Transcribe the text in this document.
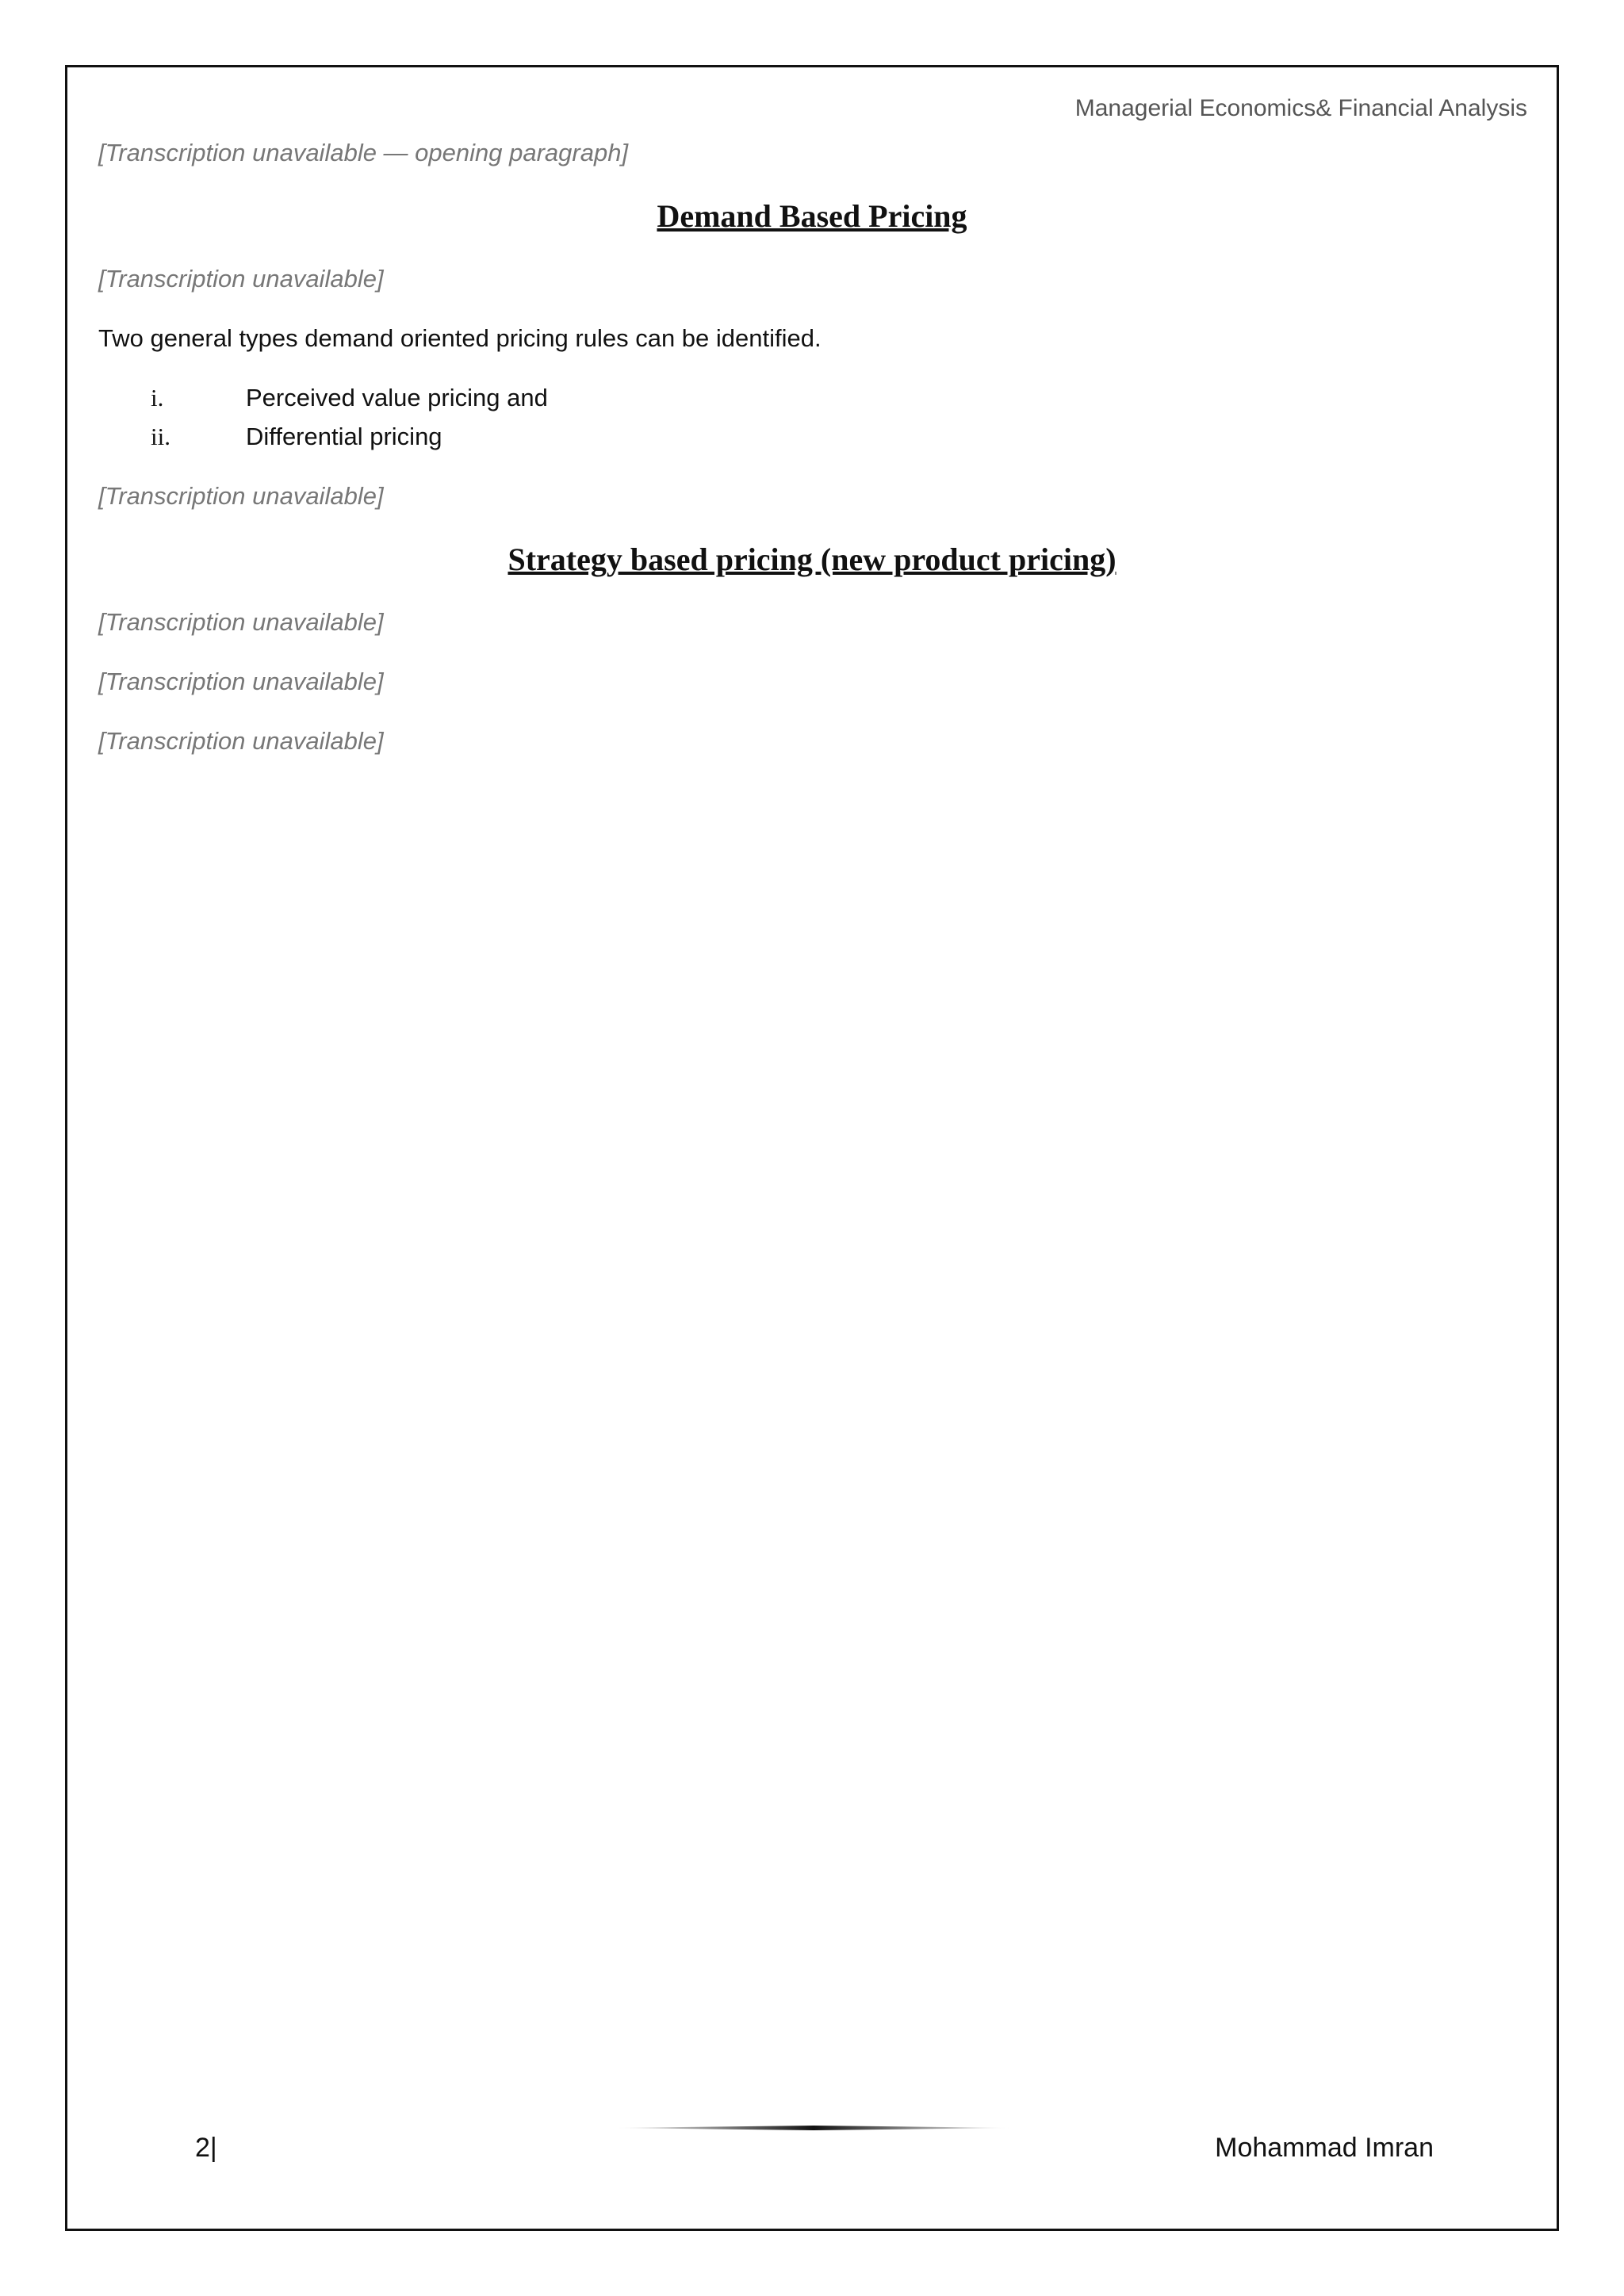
Managerial Economics& Financial Analysis

[Transcription unavailable — opening paragraph]

Demand Based Pricing

[Transcription unavailable]

Two general types demand oriented pricing rules can be identified.

i.	Perceived value pricing and
ii.	Differential pricing

[Transcription unavailable]

Strategy based pricing (new product pricing)

[Transcription unavailable]

[Transcription unavailable]

[Transcription unavailable]

2|	Mohammad Imran
